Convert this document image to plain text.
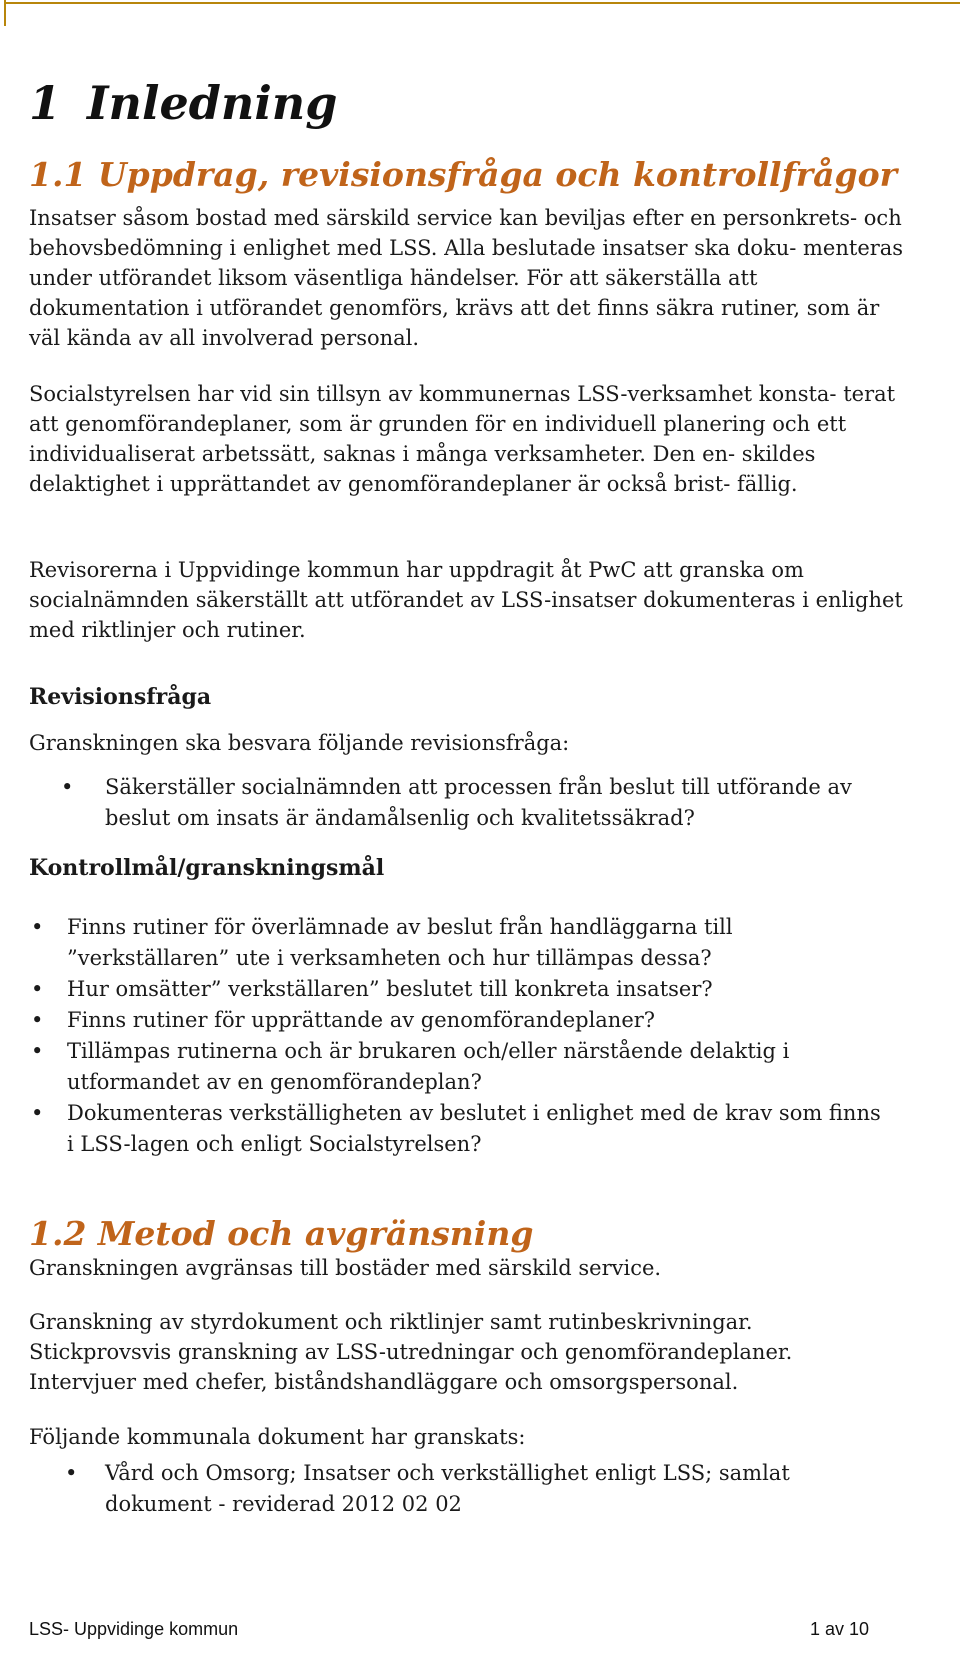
1 Inledning
1.1 Uppdrag, revisionsfråga och kontrollfrågor

Insatser såsom bostad med särskild service kan beviljas efter en personkrets- och behovsbedömning i enlighet med LSS. Alla beslutade insatser ska doku- menteras under utförandet liksom väsentliga händelser. För att säkerställa att dokumentation i utförandet genomförs, krävs att det finns säkra rutiner, som är väl kända av all involverad personal.

Socialstyrelsen har vid sin tillsyn av kommunernas LSS-verksamhet konsta- terat att genomförandeplaner, som är grunden för en individuell planering och ett individualiserat arbetssätt, saknas i många verksamheter. Den en- skildes delaktighet i upprättandet av genomförandeplaner är också brist- fällig.

Revisorerna i Uppvidinge kommun har uppdragit åt PwC att granska om socialnämnden säkerställt att utförandet av LSS-insatser dokumenteras i enlighet med riktlinjer och rutiner.

Revisionsfråga

Granskningen ska besvara följande revisionsfråga:

• Säkerställer socialnämnden att processen från beslut till utförande av beslut om insats är ändamålsenlig och kvalitetssäkrad?
Kontrollmål/granskningsmål
• Finns rutiner för överlämnade av beslut från handläggarna till ”verkställaren” ute i verksamheten och hur tillämpas dessa?
• Hur omsätter” verkställaren” beslutet till konkreta insatser?
• Finns rutiner för upprättande av genomförandeplaner?
• Tillämpas rutinerna och är brukaren och/eller närstående delaktig i utformandet av en genomförandeplan?
• Dokumenteras verkställigheten av beslutet i enlighet med de krav som finns i LSS-lagen och enligt Socialstyrelsen?
1.2 Metod och avgränsning

Granskningen avgränsas till bostäder med särskild service.

Granskning av styrdokument och riktlinjer samt rutinbeskrivningar.
Stickprovsvis granskning av LSS-utredningar och genomförandeplaner.
Intervjuer med chefer, biståndshandläggare och omsorgspersonal.

Följande kommunala dokument har granskats:

• Vård och Omsorg; Insatser och verkställighet enligt LSS; samlat dokument - reviderad 2012 02 02
LSS- Uppvidinge kommun	1 av 10
